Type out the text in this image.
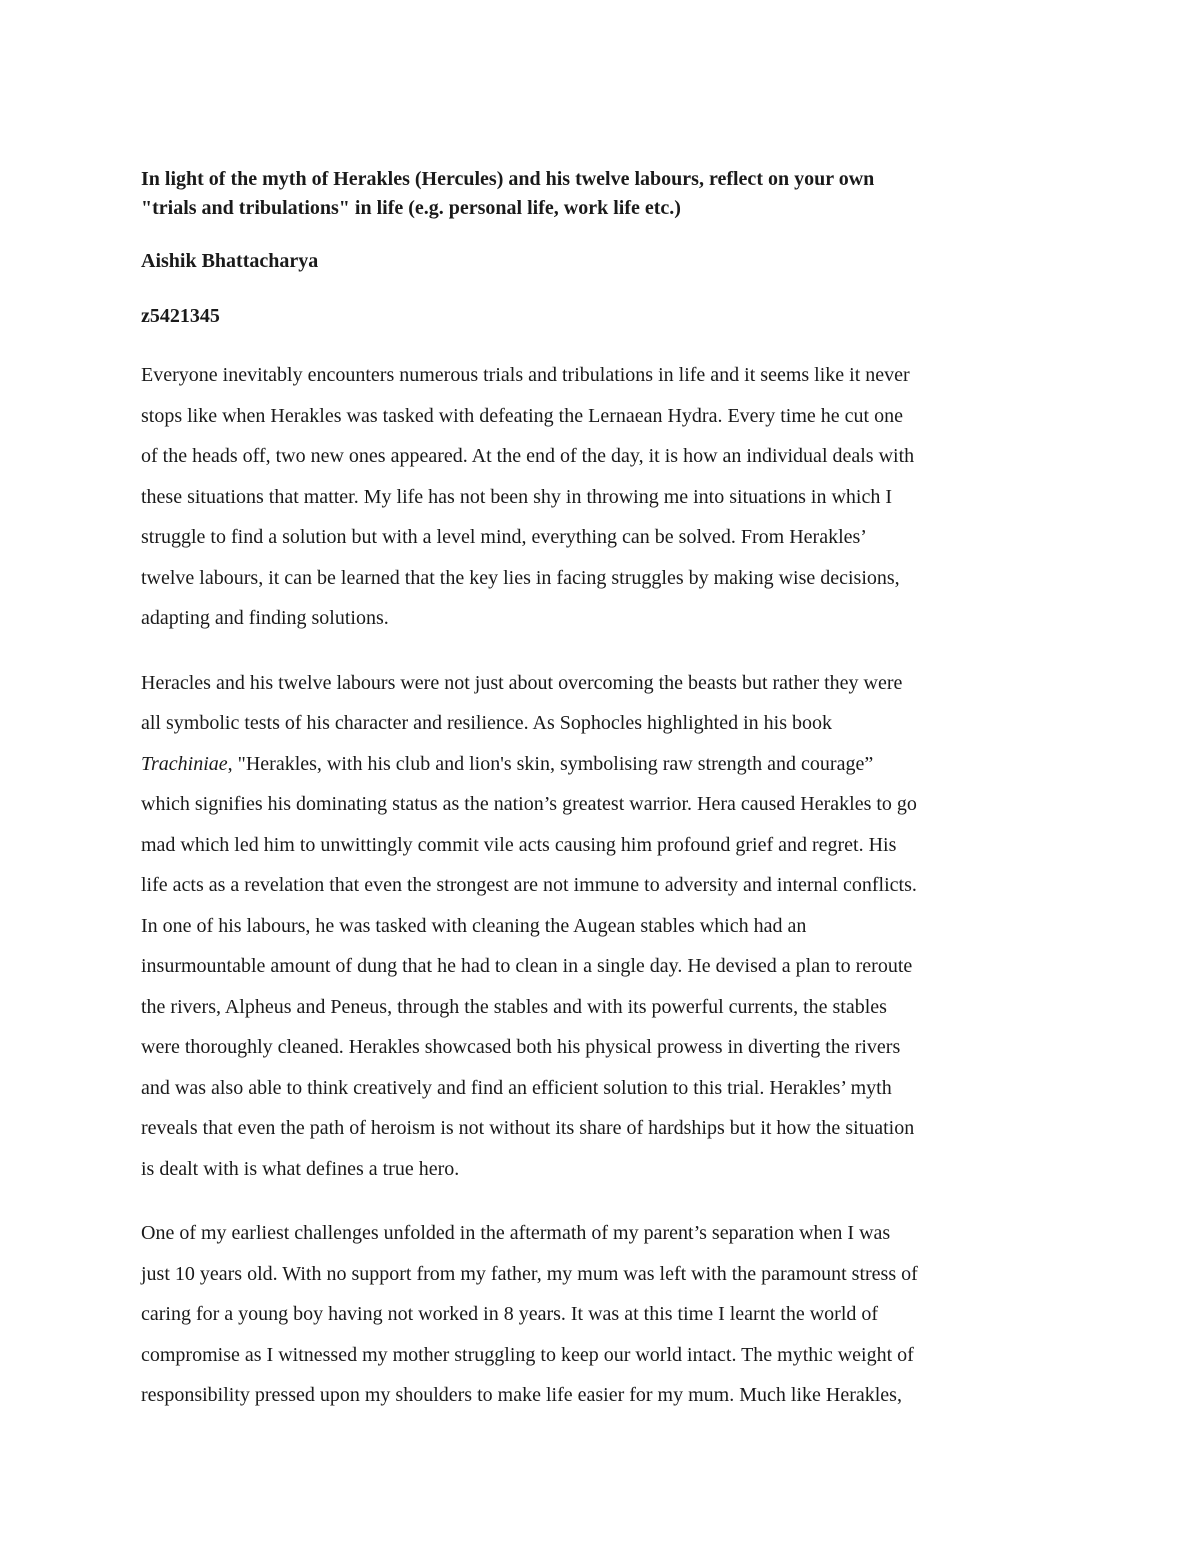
In light of the myth of Herakles (Hercules) and his twelve labours, reflect on your own
"trials and tribulations" in life (e.g. personal life, work life etc.)
Aishik Bhattacharya
z5421345
Everyone inevitably encounters numerous trials and tribulations in life and it seems like it never
stops like when Herakles was tasked with defeating the Lernaean Hydra. Every time he cut one
of the heads off, two new ones appeared. At the end of the day, it is how an individual deals with
these situations that matter. My life has not been shy in throwing me into situations in which I
struggle to find a solution but with a level mind, everything can be solved. From Herakles’
twelve labours, it can be learned that the key lies in facing struggles by making wise decisions,
adapting and finding solutions.
Heracles and his twelve labours were not just about overcoming the beasts but rather they were
all symbolic tests of his character and resilience. As Sophocles highlighted in his book
Trachiniae, "Herakles, with his club and lion's skin, symbolising raw strength and courage”
which signifies his dominating status as the nation’s greatest warrior. Hera caused Herakles to go
mad which led him to unwittingly commit vile acts causing him profound grief and regret. His
life acts as a revelation that even the strongest are not immune to adversity and internal conflicts.
In one of his labours, he was tasked with cleaning the Augean stables which had an
insurmountable amount of dung that he had to clean in a single day. He devised a plan to reroute
the rivers, Alpheus and Peneus, through the stables and with its powerful currents, the stables
were thoroughly cleaned. Herakles showcased both his physical prowess in diverting the rivers
and was also able to think creatively and find an efficient solution to this trial. Herakles’ myth
reveals that even the path of heroism is not without its share of hardships but it how the situation
is dealt with is what defines a true hero.
One of my earliest challenges unfolded in the aftermath of my parent’s separation when I was
just 10 years old. With no support from my father, my mum was left with the paramount stress of
caring for a young boy having not worked in 8 years. It was at this time I learnt the world of
compromise as I witnessed my mother struggling to keep our world intact. The mythic weight of
responsibility pressed upon my shoulders to make life easier for my mum. Much like Herakles,
